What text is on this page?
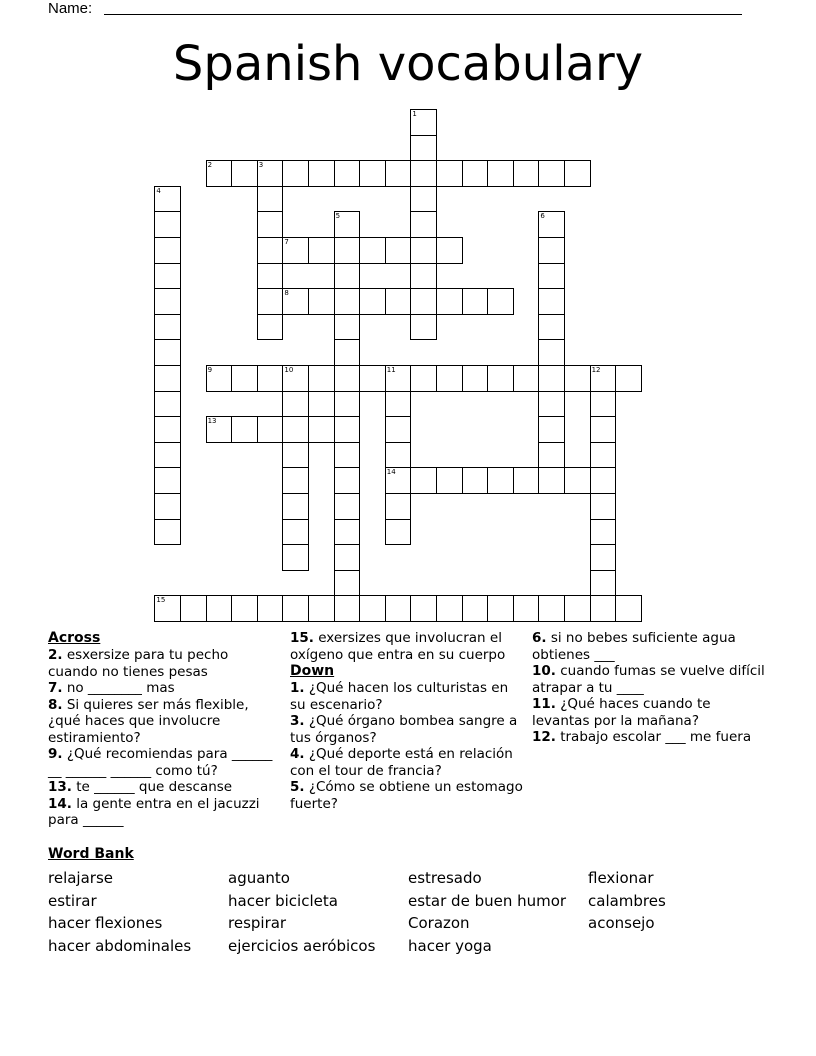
Name:
Spanish vocabulary
1
2	3
4
5	6
7
8
9	10	11	12
14
13
15
Across
2. esxersize para tu pecho cuando no tienes pesas
7. no ________ mas
8. Si quieres ser más flexible, ¿qué haces que involucre estiramiento?
9. ¿Qué recomiendas para ______ __ ______ ______ como tú?
13. te ______ que descanse
14. la gente entra en el jacuzzi para ______
15. exersizes que involucran el oxígeno que entra en su cuerpo
Down
1. ¿Qué hacen los culturistas en su escenario?
3. ¿Qué órgano bombea sangre a tus órganos?
4. ¿Qué deporte está en relación con el tour de francia?
5. ¿Cómo se obtiene un estomago fuerte?
6. si no bebes suficiente agua obtienes ___
10. cuando fumas se vuelve difícil atrapar a tu ____
11. ¿Qué haces cuando te levantas por la mañana?
12. trabajo escolar ___ me fuera
Word Bank
relajarse
estirar
hacer flexiones
hacer abdominales
aguanto
hacer bicicleta
respirar
ejercicios aeróbicos
estresado
estar de buen humor
Corazon
hacer yoga
flexionar
calambres
aconsejo
